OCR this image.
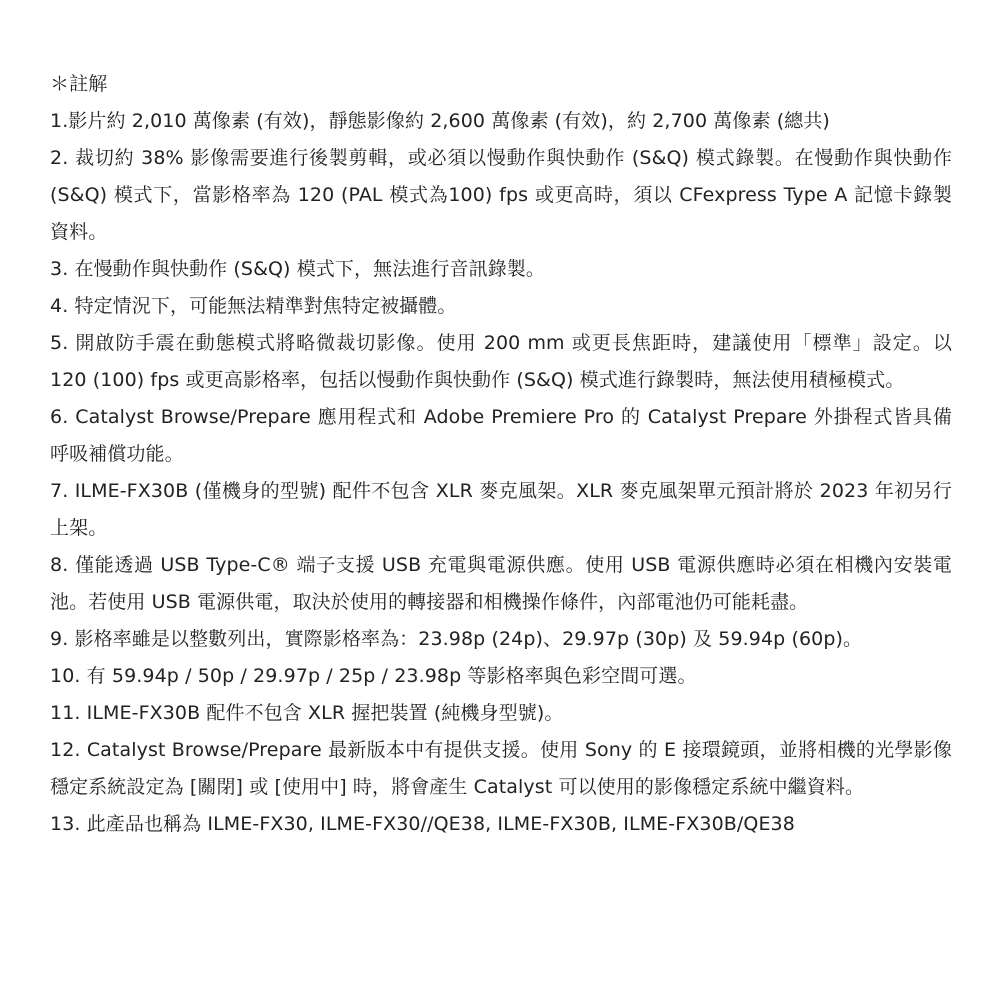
＊註解

1.影片約 2,010 萬像素 (有效)，靜態影像約 2,600 萬像素 (有效)，約 2,700 萬像素 (總共)

2. 裁切約 38% 影像需要進行後製剪輯，或必須以慢動作與快動作 (S&Q) 模式錄製。在慢動作與快動作 (S&Q) 模式下，當影格率為 120 (PAL 模式為100) fps 或更高時，須以 CFexpress Type A 記憶卡錄製資料。

3. 在慢動作與快動作 (S&Q) 模式下，無法進行音訊錄製。

4. 特定情況下，可能無法精準對焦特定被攝體。

5. 開啟防手震在動態模式將略微裁切影像。使用 200 mm 或更長焦距時，建議使用「標準」設定。以 120 (100) fps 或更高影格率，包括以慢動作與快動作 (S&Q) 模式進行錄製時，無法使用積極模式。

6. Catalyst Browse/Prepare 應用程式和 Adobe Premiere Pro 的 Catalyst Prepare 外掛程式皆具備呼吸補償功能。

7. ILME-FX30B (僅機身的型號) 配件不包含 XLR 麥克風架。XLR 麥克風架單元預計將於 2023 年初另行上架。

8. 僅能透過 USB Type-C® 端子支援 USB 充電與電源供應。使用 USB 電源供應時必須在相機內安裝電池。若使用 USB 電源供電，取決於使用的轉接器和相機操作條件，內部電池仍可能耗盡。

9. 影格率雖是以整數列出，實際影格率為：23.98p (24p)、29.97p (30p) 及 59.94p (60p)。

10. 有 59.94p / 50p / 29.97p / 25p / 23.98p 等影格率與色彩空間可選。

11. ILME-FX30B 配件不包含 XLR 握把裝置 (純機身型號)。

12. Catalyst Browse/Prepare 最新版本中有提供支援。使用 Sony 的 E 接環鏡頭，並將相機的光學影像穩定系統設定為 [關閉] 或 [使用中] 時，將會產生 Catalyst 可以使用的影像穩定系統中繼資料。

13. 此產品也稱為 ILME-FX30, ILME-FX30//QE38, ILME-FX30B, ILME-FX30B/QE38
